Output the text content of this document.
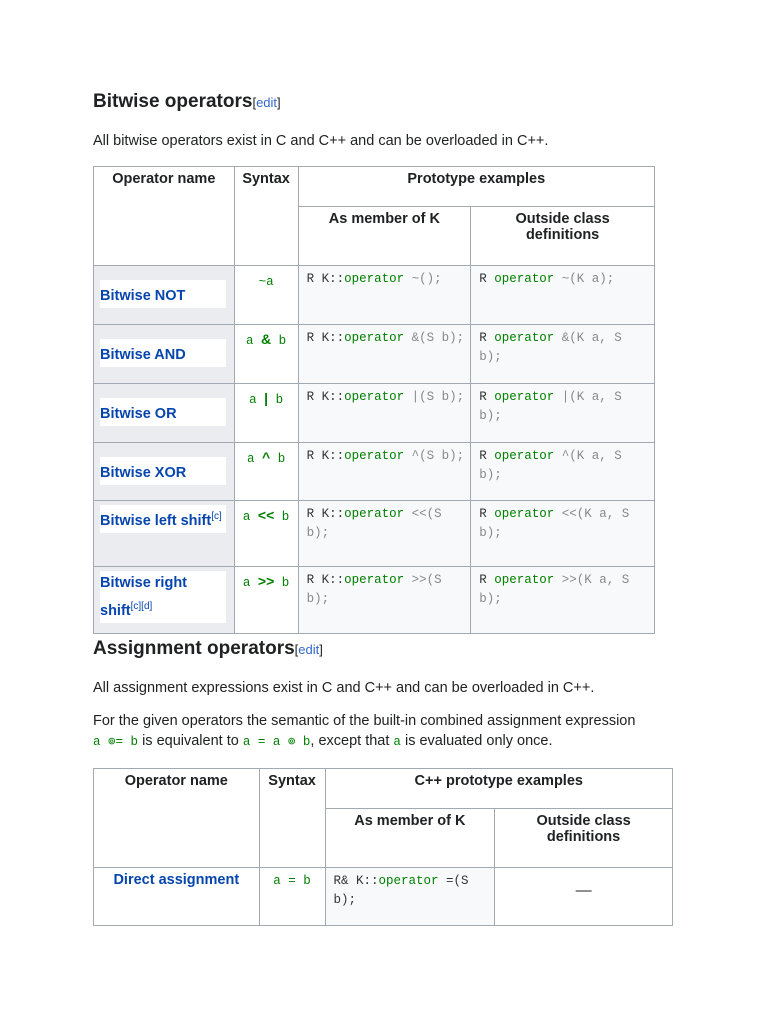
Bitwise operators[edit]

All bitwise operators exist in C and C++ and can be overloaded in C++.

Operator name	Syntax	Prototype examples	
		As member of K	Outside class definitions

Bitwise NOT	~a	R K::operator ~();	R operator ~(K a);

Bitwise AND	a & b	R K::operator &(S b);	R operator &(K a, S b);

Bitwise OR	a | b	R K::operator |(S b);	R operator |(K a, S b);

Bitwise XOR	a ^ b	R K::operator ^(S b);	R operator ^(K a, S b);

Bitwise left shift[c]	a << b	R K::operator <<(S b);	R operator <<(K a, S b);

Bitwise right shift[c][d]	a >> b	R K::operator >>(S b);	R operator >>(K a, S b);
Assignment operators[edit]

All assignment expressions exist in C and C++ and can be overloaded in C++.

For the given operators the semantic of the built-in combined assignment expression

a ⊚= b is equivalent to a = a ⊚ b, except that a is evaluated only once.

Operator name	Syntax	C++ prototype examples	
		As member of K	Outside class definitions
Direct assignment	a = b	R& K::operator =(S b);	—
